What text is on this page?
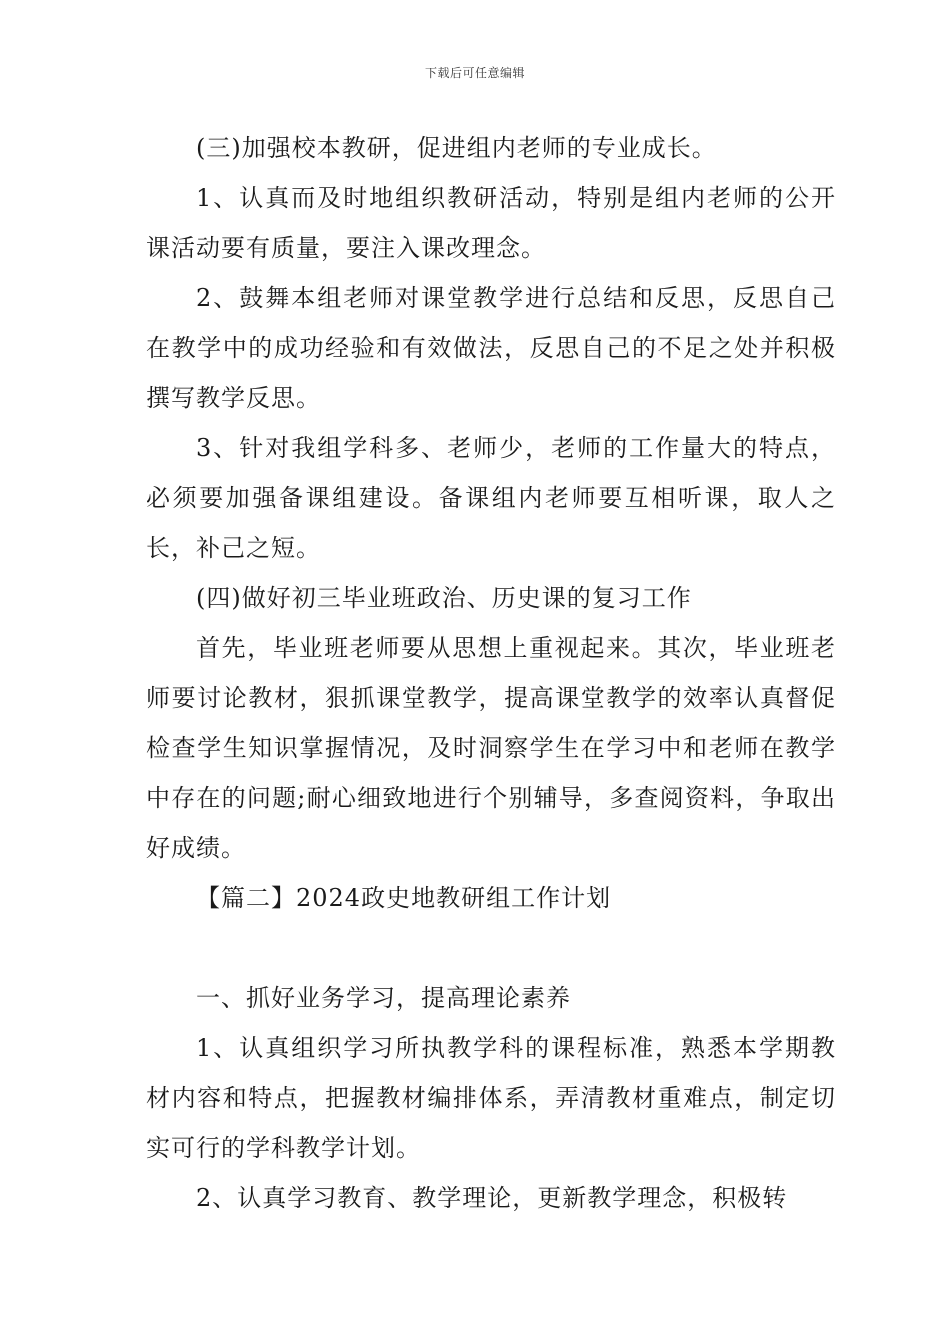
下载后可任意编辑

(三)加强校本教研，促进组内老师的专业成长。

1、认真而及时地组织教研活动，特别是组内老师的公开课活动要有质量，要注入课改理念。

2、鼓舞本组老师对课堂教学进行总结和反思，反思自己在教学中的成功经验和有效做法，反思自己的不足之处并积极撰写教学反思。

3、针对我组学科多、老师少，老师的工作量大的特点，必须要加强备课组建设。备课组内老师要互相听课，取人之长，补己之短。

(四)做好初三毕业班政治、历史课的复习工作

首先，毕业班老师要从思想上重视起来。其次，毕业班老师要讨论教材，狠抓课堂教学，提高课堂教学的效率认真督促检查学生知识掌握情况，及时洞察学生在学习中和老师在教学中存在的问题;耐心细致地进行个别辅导，多查阅资料，争取出好成绩。

【篇二】2024政史地教研组工作计划

一、抓好业务学习，提高理论素养

1、认真组织学习所执教学科的课程标准，熟悉本学期教材内容和特点，把握教材编排体系，弄清教材重难点，制定切实可行的学科教学计划。

2、认真学习教育、教学理论，更新教学理念，积极转
